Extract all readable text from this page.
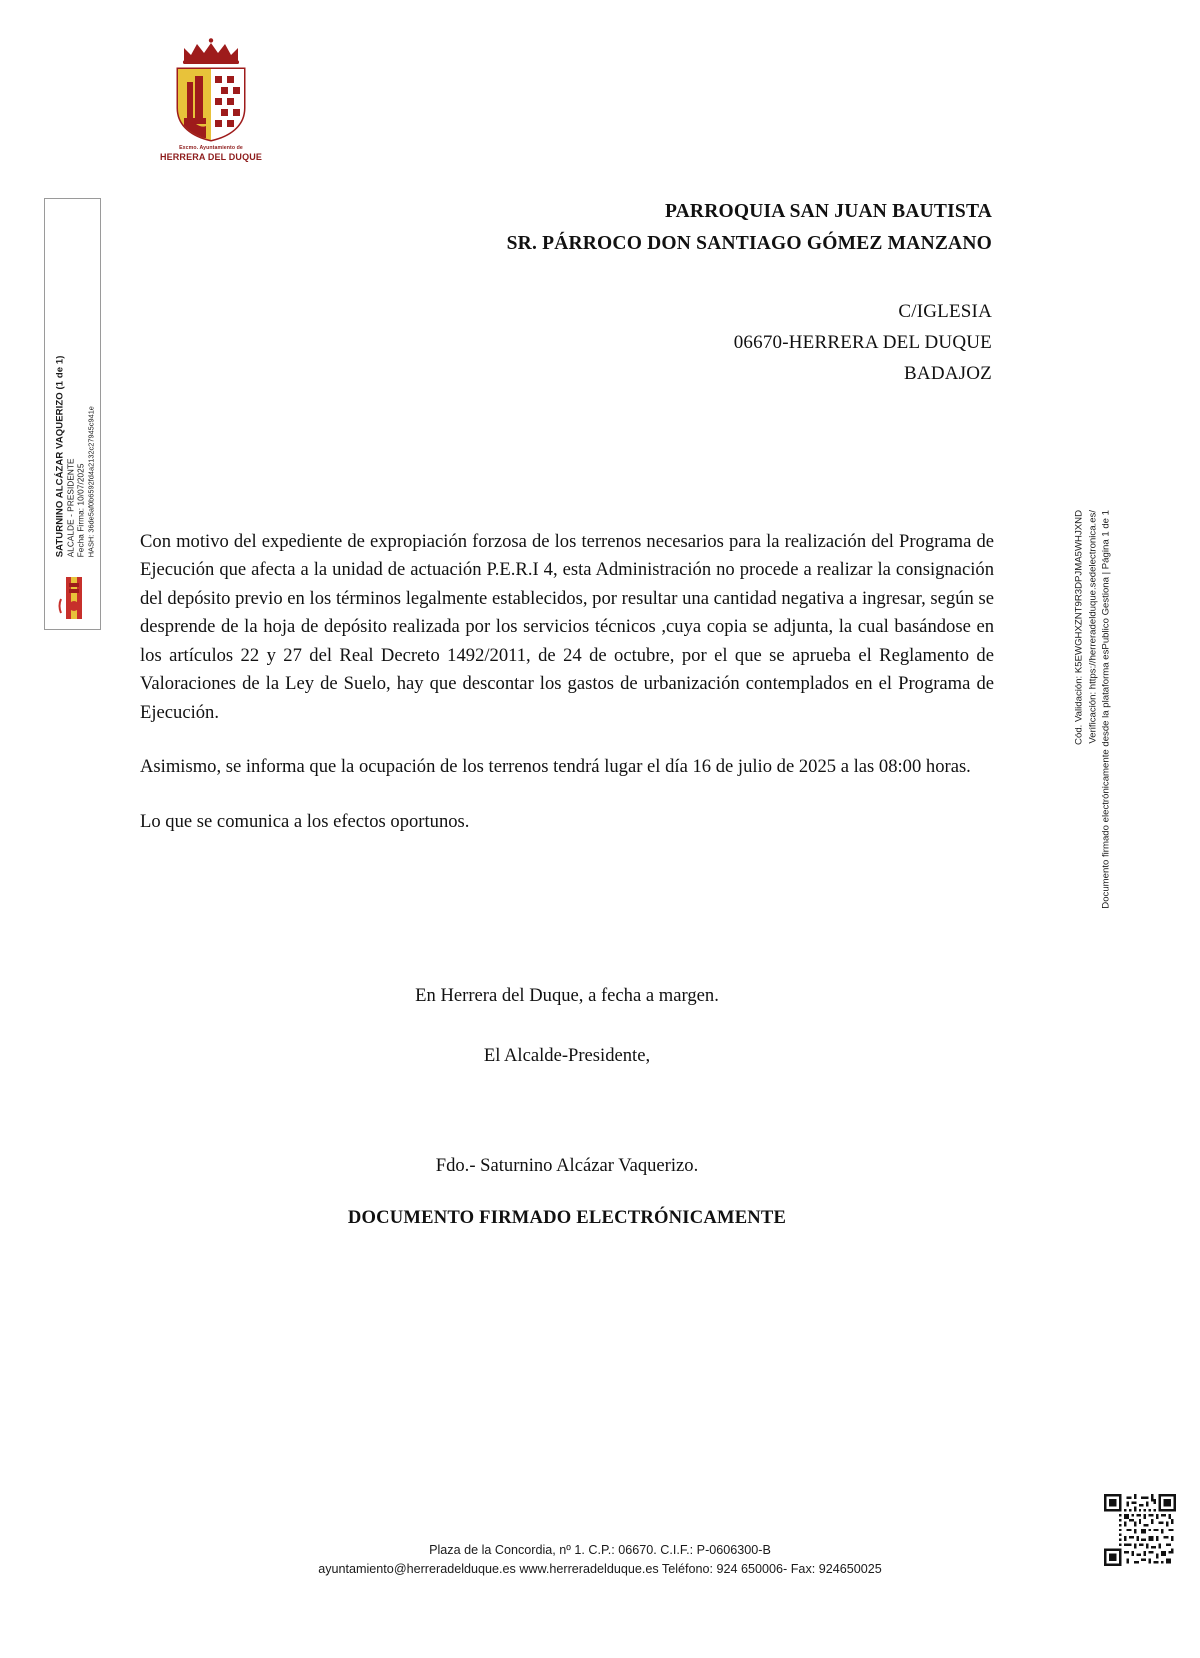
Excmo. Ayuntamiento de
HERRERA DEL DUQUE
SATURNINO ALCÁZAR VAQUERIZO (1 de 1) ALCALDE - PRESIDENTE Fecha Firma: 10/07/2025 HASH: 36de5af0b6592fd4a2132c27945c941e
PARROQUIA SAN JUAN BAUTISTA
SR. PÁRROCO DON SANTIAGO GÓMEZ MANZANO
C/IGLESIA
06670-HERRERA DEL DUQUE
BADAJOZ

Con motivo del expediente de expropiación forzosa de los terrenos necesarios para la realización del Programa de Ejecución que afecta a la unidad de actuación P.E.R.I 4, esta Administración no procede a realizar la consignación del depósito previo en los términos legalmente establecidos, por resultar una cantidad negativa a ingresar, según se desprende de la hoja de depósito realizada por los servicios técnicos ,cuya copia se adjunta, la cual basándose en los artículos 22 y 27 del Real Decreto 1492/2011, de 24 de octubre, por el que se aprueba el Reglamento de Valoraciones de la Ley de Suelo, hay que descontar los gastos de urbanización contemplados en el Programa de Ejecución.

Asimismo, se informa que la ocupación de los terrenos tendrá lugar el día 16 de julio de 2025 a las 08:00 horas.

Lo que se comunica a los efectos oportunos.

En Herrera del Duque, a fecha a margen.
El Alcalde-Presidente,
Fdo.- Saturnino Alcázar Vaquerizo.
DOCUMENTO FIRMADO ELECTRÓNICAMENTE
Cód. Validación: K5EWGHXZNT9R3DPJMA5WHJXND Verificación: https://herreradelduque.sedelectronica.es/ Documento firmado electrónicamente desde la plataforma esPublico Gestiona | Página 1 de 1
Plaza de la Concordia, nº 1. C.P.: 06670. C.I.F.: P-0606300-B
ayuntamiento@herreradelduque.es www.herreradelduque.es Teléfono: 924 650006- Fax: 924650025
